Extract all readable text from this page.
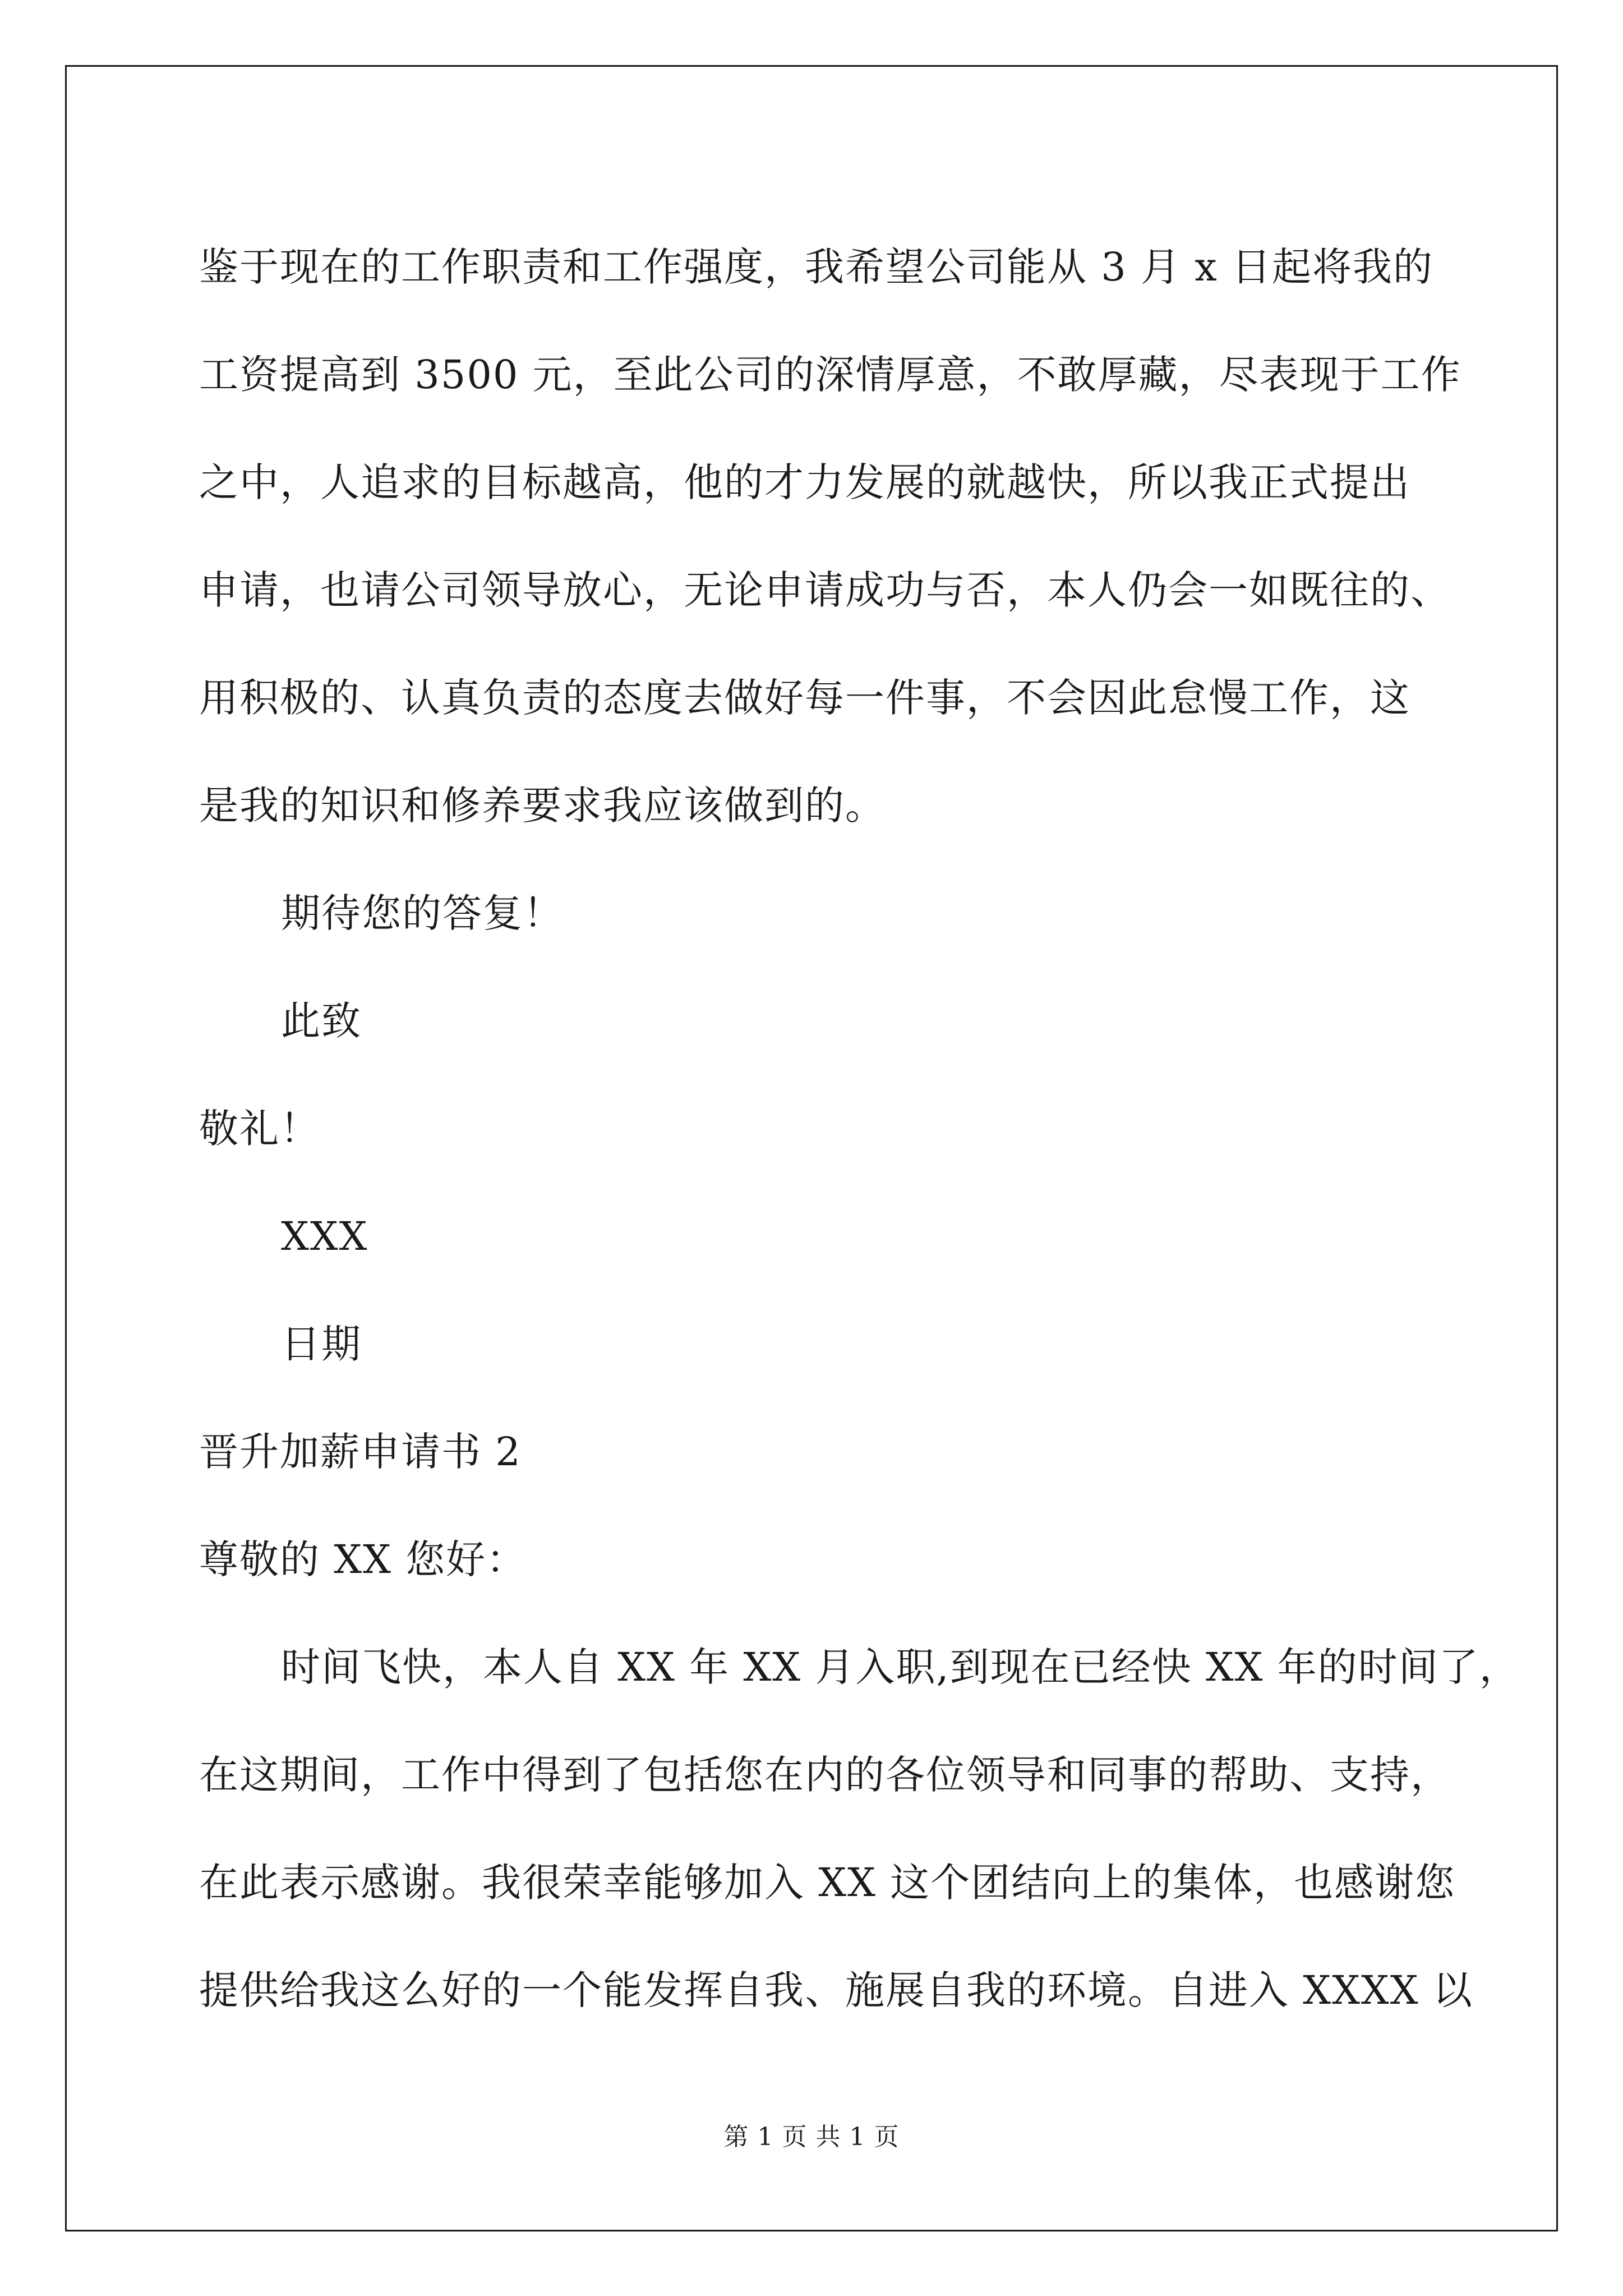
鉴于现在的工作职责和工作强度，我希望公司能从 3 月 x 日起将我的
工资提高到 3500 元，至此公司的深情厚意，不敢厚藏，尽表现于工作
之中，人追求的目标越高，他的才力发展的就越快，所以我正式提出
申请，也请公司领导放心，无论申请成功与否，本人仍会一如既往的、
用积极的、认真负责的态度去做好每一件事，不会因此怠慢工作，这
是我的知识和修养要求我应该做到的。
期待您的答复！
此致
敬礼！
XXX
日期
晋升加薪申请书 2
尊敬的 XX 您好：
时间飞快，本人自 XX 年 XX 月入职,到现在已经快 XX 年的时间了，
在这期间，工作中得到了包括您在内的各位领导和同事的帮助、支持，
在此表示感谢。我很荣幸能够加入 XX 这个团结向上的集体，也感谢您
提供给我这么好的一个能发挥自我、施展自我的环境。自进入 XXXX 以
第 1 页 共 1 页
